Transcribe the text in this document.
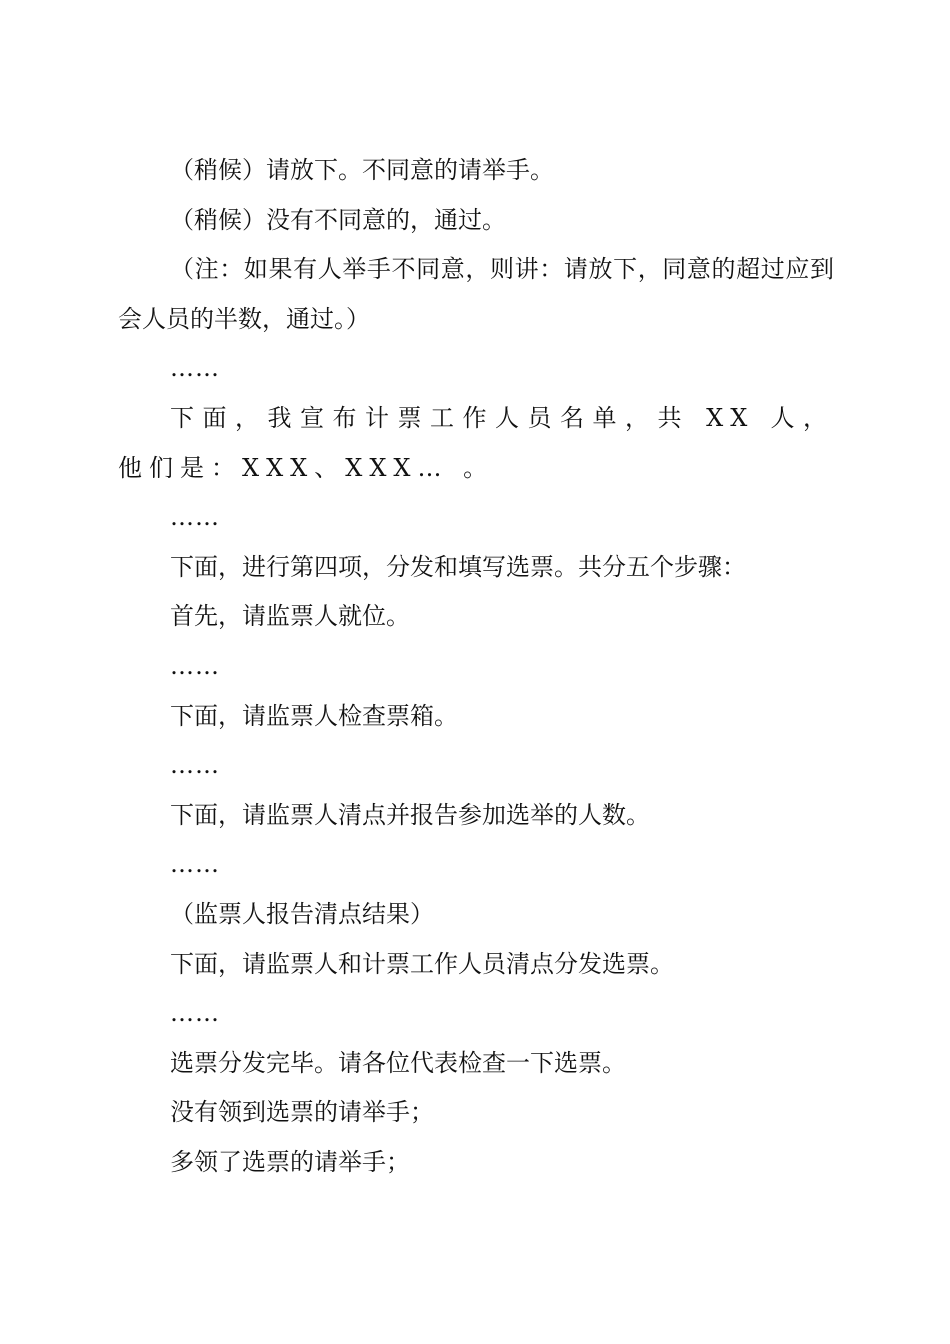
（稍候）请放下。不同意的请举手。
（稍候）没有不同意的，通过。
（注：如果有人举手不同意，则讲：请放下，同意的超过应到会人员的半数，通过。）
……
下面，我宣布计票工作人员名单，共 XX 人，他们是：XXX、XXX… 。
……
下面，进行第四项，分发和填写选票。共分五个步骤：
首先，请监票人就位。
……
下面，请监票人检查票箱。
……
下面，请监票人清点并报告参加选举的人数。
……
（监票人报告清点结果）
下面，请监票人和计票工作人员清点分发选票。
……
选票分发完毕。请各位代表检查一下选票。
没有领到选票的请举手；
多领了选票的请举手；
